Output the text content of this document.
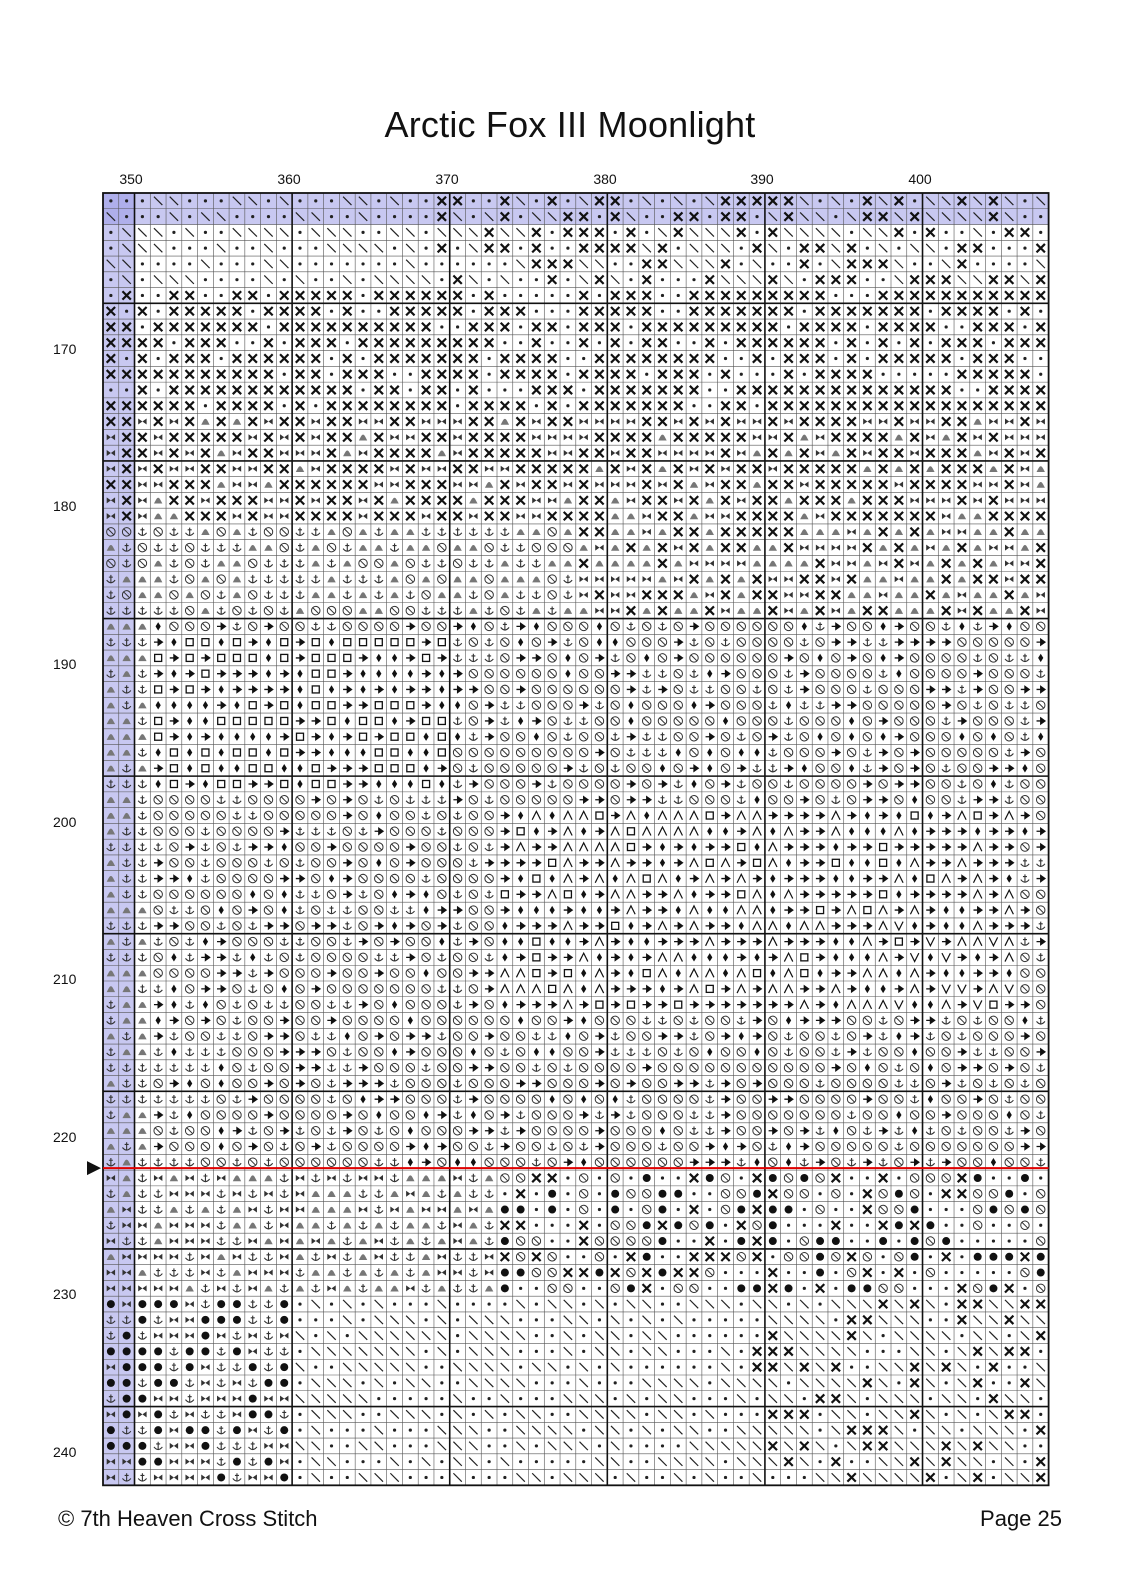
Arctic Fox III Moonlight
350	360	370	380	390	400
170
180
190
200
210
220
230
240
© 7th Heaven Cross Stitch	Page 25
